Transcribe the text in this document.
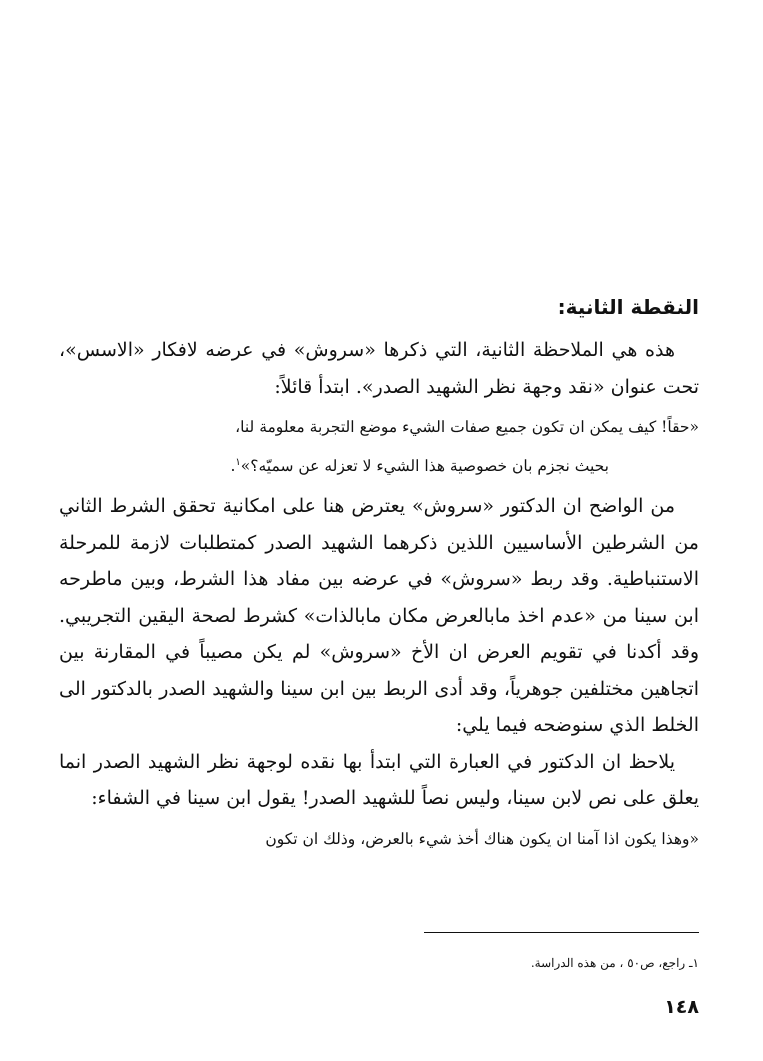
النقطة الثانية:

هذه هي الملاحظة الثانية، التي ذكرها «سروش» في عرضه لافكار «الاسس»، تحت عنوان «نقد وجهة نظر الشهيد الصدر». ابتدأ قائلاً:

«حقاً! كيف يمكن ان تكون جميع صفات الشيء موضع التجربة معلومة لنا،
بحيث نجزم بان خصوصية هذا الشيء لا تعزله عن سميّه؟»$^١$.

من الواضح ان الدكتور «سروش» يعترض هنا على امكانية تحقق الشرط الثاني من الشرطين الأساسيين اللذين ذكرهما الشهيد الصدر كمتطلبات لازمة للمرحلة الاستنباطية. وقد ربط «سروش» في عرضه بين مفاد هذا الشرط، وبين ماطرحه ابن سينا من «عدم اخذ مابالعرض مكان مابالذات» كشرط لصحة اليقين التجريبي. وقد أكدنا في تقويم العرض ان الأخ «سروش» لم يكن مصيباً في المقارنة بين اتجاهين مختلفين جوهرياً، وقد أدى الربط بين ابن سينا والشهيد الصدر بالدكتور الى الخلط الذي سنوضحه فيما يلي:

يلاحظ ان الدكتور في العبارة التي ابتدأ بها نقده لوجهة نظر الشهيد الصدر انما يعلق على نص لابن سينا، وليس نصاً للشهيد الصدر! يقول ابن سينا في الشفاء:

«وهذا يكون اذا آمنا ان يكون هناك أخذ شيء بالعرض، وذلك ان تكون

١ـ راجع، ص٥٠ ، من هذه الدراسة.
١٤٨
